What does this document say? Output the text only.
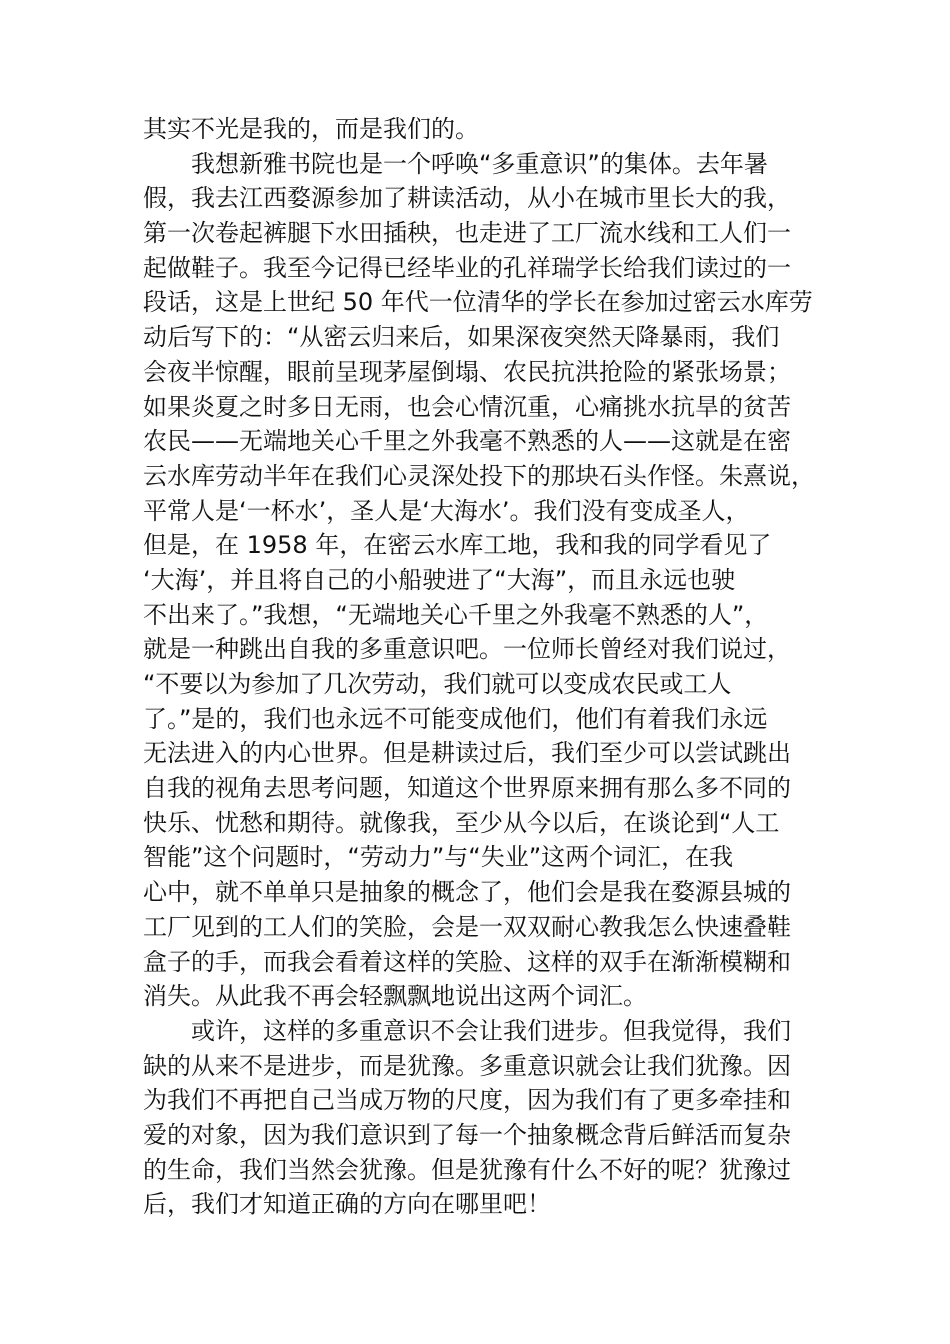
其实不光是我的，而是我们的。
我想新雅书院也是一个呼唤“多重意识”的集体。去年暑
假，我去江西婺源参加了耕读活动，从小在城市里长大的我，
第一次卷起裤腿下水田插秧，也走进了工厂流水线和工人们一
起做鞋子。我至今记得已经毕业的孔祥瑞学长给我们读过的一
段话，这是上世纪 50 年代一位清华的学长在参加过密云水库劳
动后写下的：“从密云归来后，如果深夜突然天降暴雨，我们
会夜半惊醒，眼前呈现茅屋倒塌、农民抗洪抢险的紧张场景；
如果炎夏之时多日无雨，也会心情沉重，心痛挑水抗旱的贫苦
农民——无端地关心千里之外我毫不熟悉的人——这就是在密
云水库劳动半年在我们心灵深处投下的那块石头作怪。朱熹说，
平常人是‘一杯水’，圣人是‘大海水’。我们没有变成圣人，
但是，在 1958 年，在密云水库工地，我和我的同学看见了
‘大海’，并且将自己的小船驶进了“大海”，而且永远也驶
不出来了。”我想，“无端地关心千里之外我毫不熟悉的人”，
就是一种跳出自我的多重意识吧。一位师长曾经对我们说过，
“不要以为参加了几次劳动，我们就可以变成农民或工人
了。”是的，我们也永远不可能变成他们，他们有着我们永远
无法进入的内心世界。但是耕读过后，我们至少可以尝试跳出
自我的视角去思考问题，知道这个世界原来拥有那么多不同的
快乐、忧愁和期待。就像我，至少从今以后，在谈论到“人工
智能”这个问题时，“劳动力”与“失业”这两个词汇，在我
心中，就不单单只是抽象的概念了，他们会是我在婺源县城的
工厂见到的工人们的笑脸，会是一双双耐心教我怎么快速叠鞋
盒子的手，而我会看着这样的笑脸、这样的双手在渐渐模糊和
消失。从此我不再会轻飘飘地说出这两个词汇。
或许，这样的多重意识不会让我们进步。但我觉得，我们
缺的从来不是进步，而是犹豫。多重意识就会让我们犹豫。因
为我们不再把自己当成万物的尺度，因为我们有了更多牵挂和
爱的对象，因为我们意识到了每一个抽象概念背后鲜活而复杂
的生命，我们当然会犹豫。但是犹豫有什么不好的呢？犹豫过
后，我们才知道正确的方向在哪里吧！
